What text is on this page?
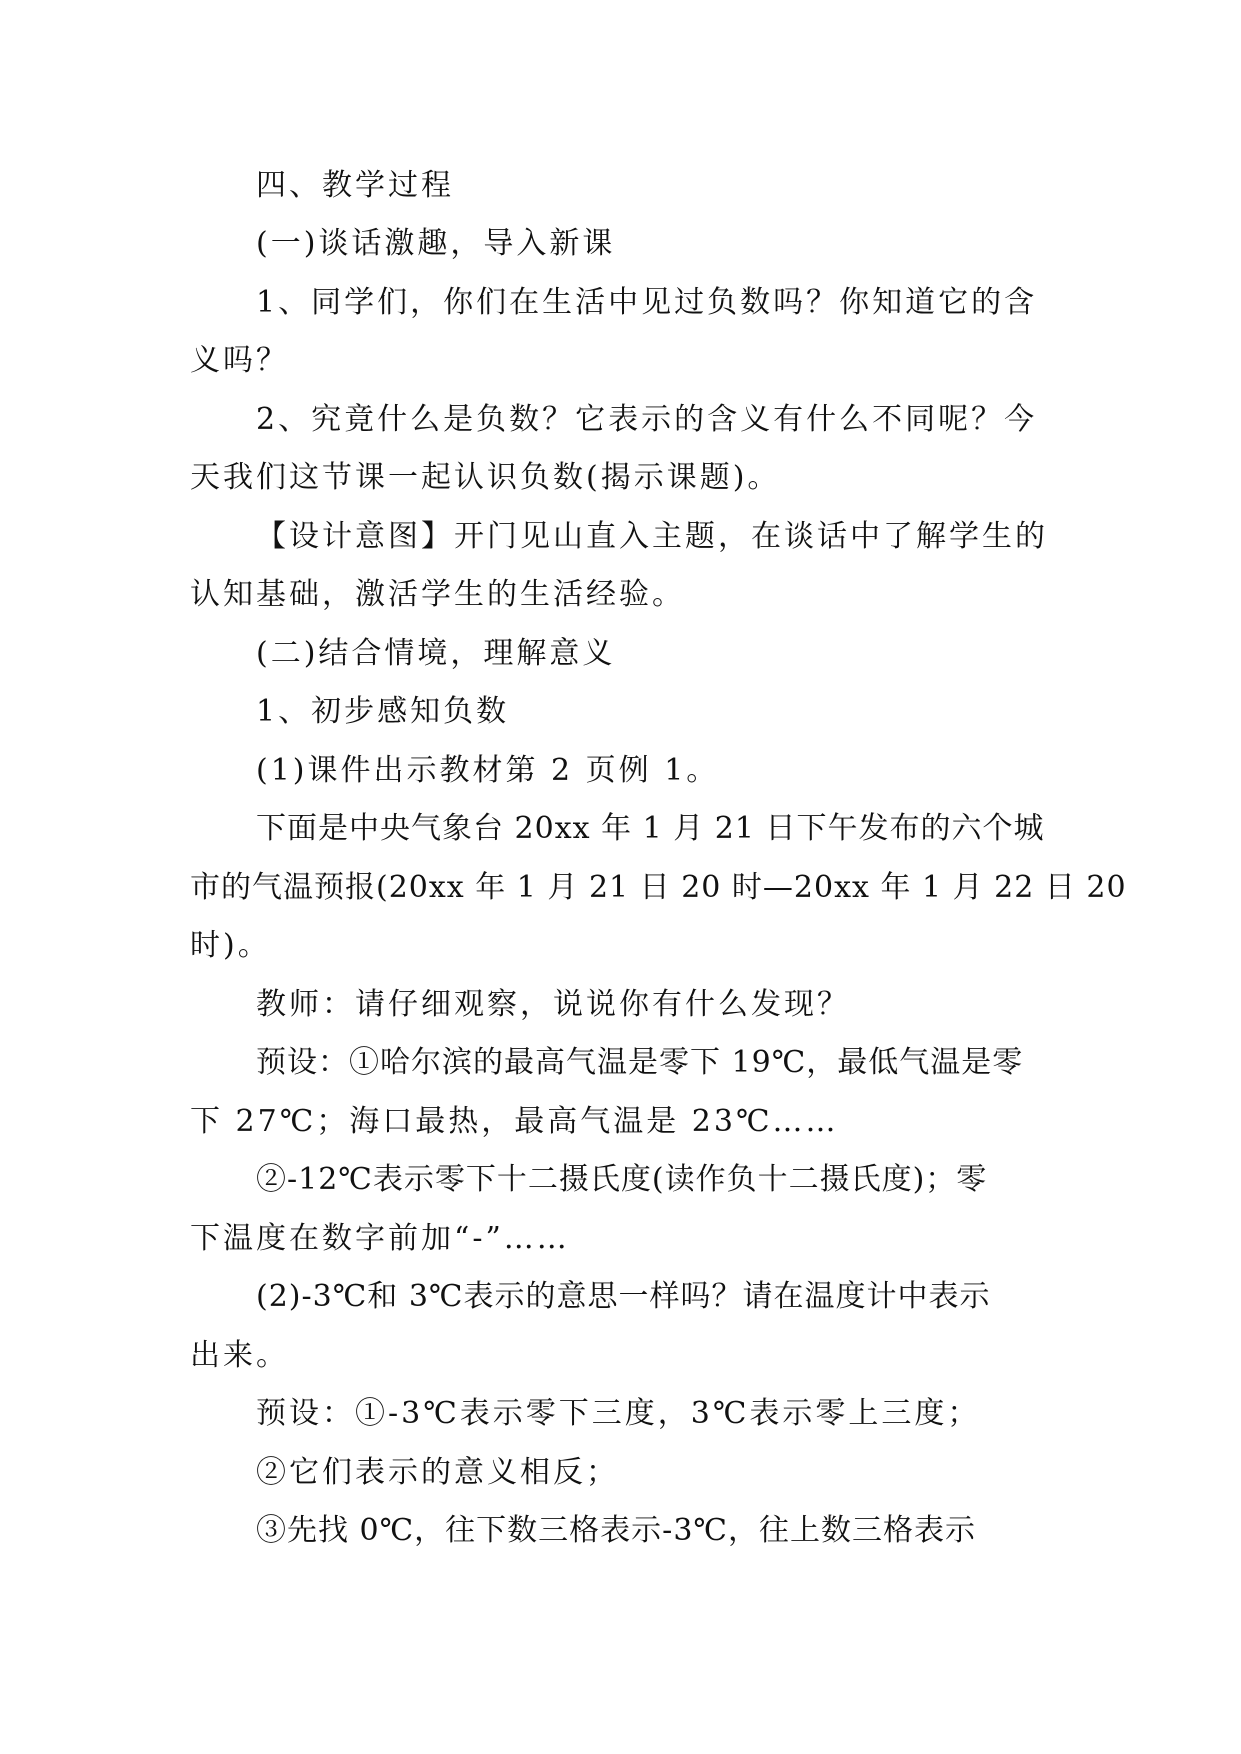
四、教学过程
(一)谈话激趣，导入新课
1、同学们，你们在生活中见过负数吗？你知道它的含
义吗？
2、究竟什么是负数？它表示的含义有什么不同呢？今
天我们这节课一起认识负数(揭示课题)。
【设计意图】开门见山直入主题，在谈话中了解学生的
认知基础，激活学生的生活经验。
(二)结合情境，理解意义
1、初步感知负数
(1)课件出示教材第 2 页例 1。
下面是中央气象台 20xx 年 1 月 21 日下午发布的六个城
市的气温预报(20xx 年 1 月 21 日 20 时—20xx 年 1 月 22 日 20
时)。
教师：请仔细观察，说说你有什么发现？
预设：①哈尔滨的最高气温是零下 19℃，最低气温是零
下 27℃；海口最热，最高气温是 23℃……
②-12℃表示零下十二摄氏度(读作负十二摄氏度)；零
下温度在数字前加“-”……
(2)-3℃和 3℃表示的意思一样吗？请在温度计中表示
出来。
预设：①-3℃表示零下三度，3℃表示零上三度；
②它们表示的意义相反；
③先找 0℃，往下数三格表示-3℃，往上数三格表示
